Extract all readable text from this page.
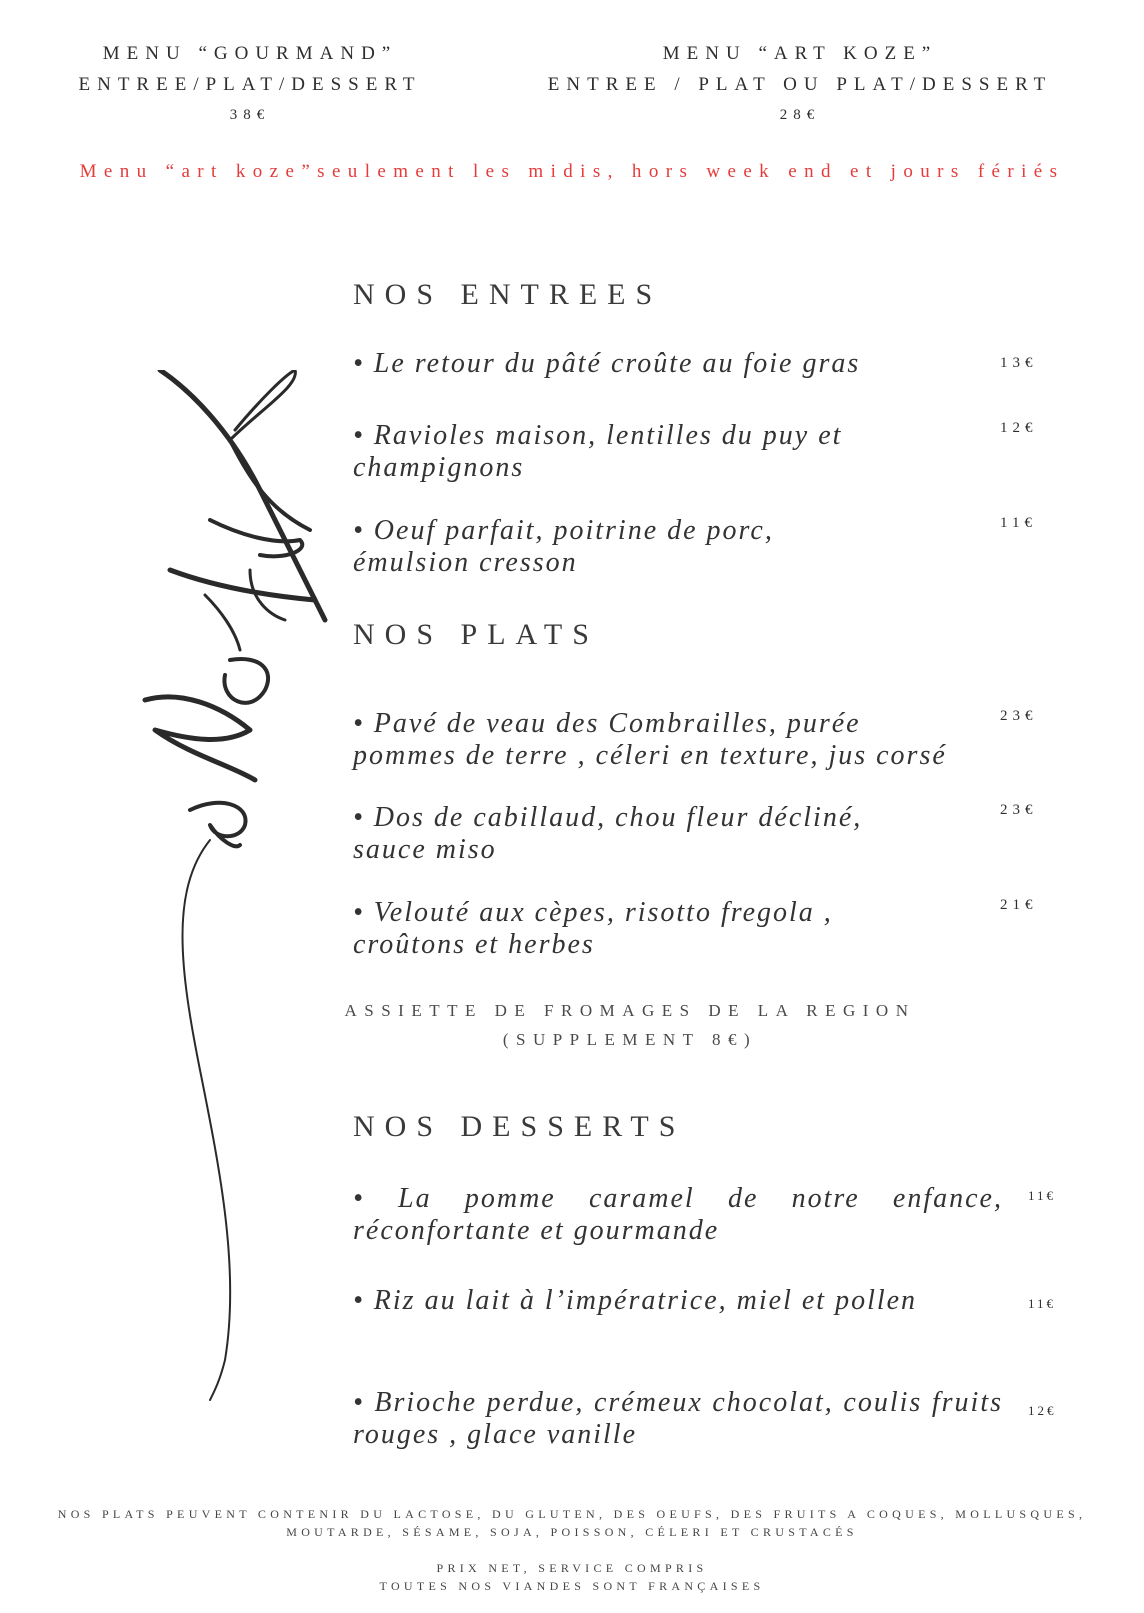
MENU “GOURMAND”
ENTREE/PLAT/DESSERT
38€
MENU “ART KOZE”
ENTREE / PLAT OU PLAT/DESSERT
28€
Menu “art koze”seulement les midis, hors week end et jours fériés
NOS ENTREES
• Le retour du pâté croûte au foie gras	13€
• Ravioles maison, lentilles du puy et champignons
12€
• Oeuf parfait, poitrine de porc, émulsion cresson
11€
NOS PLATS
• Pavé de veau des Combrailles, purée pommes de terre , céleri en texture, jus corsé
23€
• Dos de cabillaud, chou fleur décliné, sauce miso
23€
• Velouté aux cèpes, risotto fregola , croûtons et herbes
21€
ASSIETTE DE FROMAGES DE LA REGION
(SUPPLEMENT 8€)
NOS DESSERTS
• La pomme caramel de notre enfance, réconfortante et gourmande
11€
• Riz au lait à l’impératrice, miel et pollen	11€
• Brioche perdue, crémeux chocolat, coulis fruits rouges , glace vanille
12€
NOS PLATS PEUVENT CONTENIR DU LACTOSE, DU GLUTEN, DES OEUFS, DES FRUITS A COQUES, MOLLUSQUES, MOUTARDE, SÉSAME, SOJA, POISSON, CÉLERI ET CRUSTACÉS
PRIX NET, SERVICE COMPRIS
TOUTES NOS VIANDES SONT FRANÇAISES
